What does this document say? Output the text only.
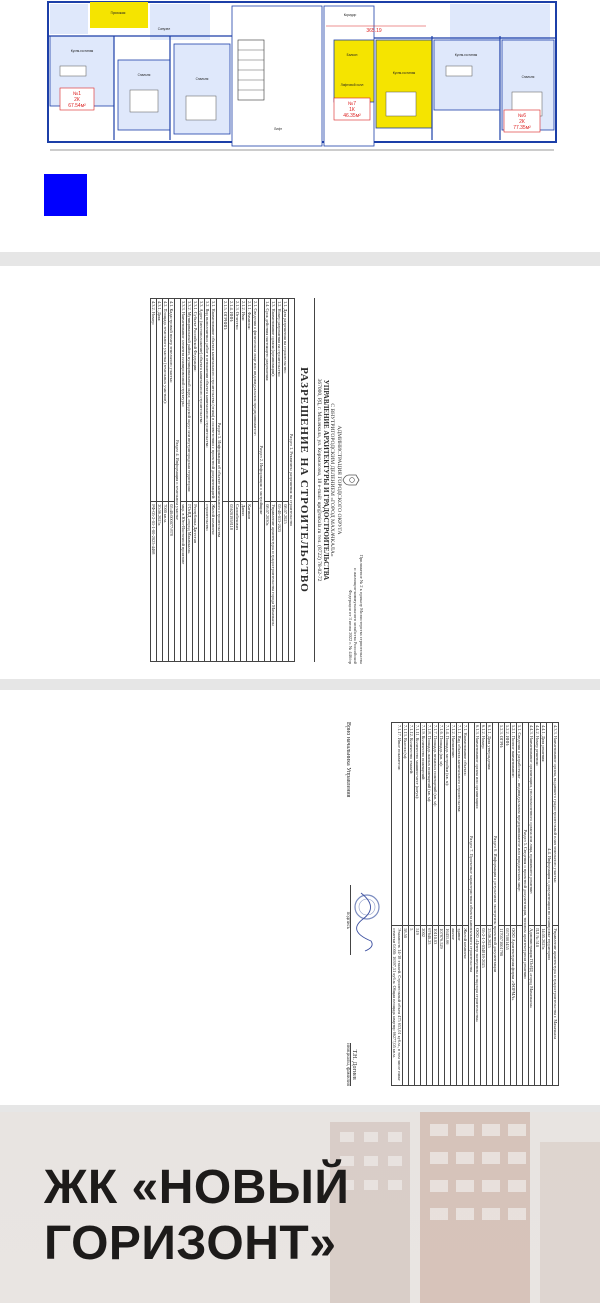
№1
2К
67.54м²	№7
1К
46.35м²	№6
2К
77.35м²
365.19
Кухня-гостиная
Спальня
Спальня
Санузел
Прихожая
Балкон
Коридор
Лифтовой холл
Кухня-гостиная
Кухня-гостиная
Спальня
Лифт
Приложение № 2 к приказу Министерства строительства и жилищно-коммунального хозяйства Российской Федерации от 3 июня 2022 г. № 446/пр
АДМИНИСТРАЦИЯ ГОРОДСКОГО ОКРУГА
С ВНУТРИГОРОДСКИМ ДЕЛЕНИЕМ «ГОРОД МАХАЧКАЛА»
УПРАВЛЕНИЕ АРХИТЕКТУРЫ И ГРАДОСТРОИТЕЛЬСТВА
367000, РД, г. Махачкала, ул. Коркмасова, 18 e-mail: upr@mkala.ru тел. (8722) 78-02-72
РАЗРЕШЕНИЕ НА СТРОИТЕЛЬСТВО
Раздел 1. Реквизиты разрешения на строительство	
1.1. Дата разрешения на строительство:	08.07.2025
1.2. Номер разрешения на строительство:	05-40-013-2025
1.3. Наименование органа (организации):	Управление архитектуры и градостроительства города Махачкалы
1.4. Срок действия настоящего разрешения:	08.07.2030г.
Раздел 2. Информация о застройщике	
2.1. Сведения о физическом лице или индивидуальном предпринимателе:	
2.1.1. Фамилия:	Катиков
2.1.2. Имя:	Данил
2.1.3. Отчество:	Салихбекович
2.1.4. ИНН:	056201958118
2.1.5. ОГРНИП:	
Раздел 3. Информация об объекте капитального строительства	
3.1. Наименование объекта капитального строительства (этапа) в соответствии с проектной документацией:	Жилой комплекс
3.2. Вид выполняемых работ в отношении объекта капитального строительства:	строительство
3.3. Адрес (местоположение) объекта капитального строительства:	
3.3.1. Субъект Российской Федерации:	Республика Дагестан
3.3.2. Муниципальный район, муниципальный округ, городской округ или внутригородская территория:	ГОсВД «город Махачкала»
3.3.3. Наименование элемента планировочной структуры:	мкр. в Юго-Восточной промзоне
Раздел 4. Информация о земельном участке	
4.1. Кадастровый номер земельного участка:	05:40:000077:878
4.2. Площадь земельного участка (земельных участков):	7000 кв.м.
4.3.1. Дата:	20.06.2025г.
4.3.2. Номер:	РФ-05-2-01-1-00-2025-4468
4.3.3. Наименование органа, выдавшего градостроительный план земельного участка:	Управление архитектуры и градостроительства г. Махачкала
4.4. Информация о документации по планировке территории	
4.4.1. Дата решения:	14.05.2025г.
4.4.2. Номер решения:	ПЛ № 510
4.4.3. Наименование организации, уполномоченного органа или лица, принявшего решение:	Администрация ГОсВД «город Махачкала»
Раздел 5. Сведения о проектной документации, типовом архитектурном решении	
5.1. Сведения о разработчике – индивидуальном предпринимателе или юридическом лице:	
5.2.1. Полное наименование:	ООО Архитектурная фирма «ФОРМА»
5.2.2. ИНН:	0571001455
5.2.3. ОГРН:	1170571001790
Раздел 6. Информация о результатах экспертизы проектной документации	
6.1.1. Дата утверждения:	25.06.2025
6.1.2. Номер:	05-2-1-3-034818-2025
6.1.3. Наименование органа или организации:	ООО «Центр экспертизы и надзора строительства»
Раздел 7. Проектные характеристики объекта капитального строительства	
7.1. Наименование объекта:	Жилой комплекс
7.1.1. Вид объекта капитального строительства:	здание
7.1.2. Назначение:	жилое
7.1.4. Площадь застройки (кв. м):	16431.66
7.1.6. Площадь (кв. м):	107876.529
7.1.7. Площадь нежилых помещений (кв. м):	10110.03
7.1.8. Площадь жилых помещений (кв. м):	67640.25
7.1.9. Количество помещений:	2002
7.1.11. Количество машино-мест (штук):	519
7.1.12. Количество этажей:	5
7.1.13. Высота (м):	58.50
7.1.17. Иные показатели:	Этажность 14-18 этажей. Строительный объем 475 653,01 куб.м., в том числе ниже отметки 0.000: 16397,51 куб.м. Общая площадь квартир 66277,05 кв.м.
Врио начальника Управления
подпись
Т.Н. Догиев
инициалы, фамилия
ЖК «НОВЫЙ
ГОРИЗОНТ»
